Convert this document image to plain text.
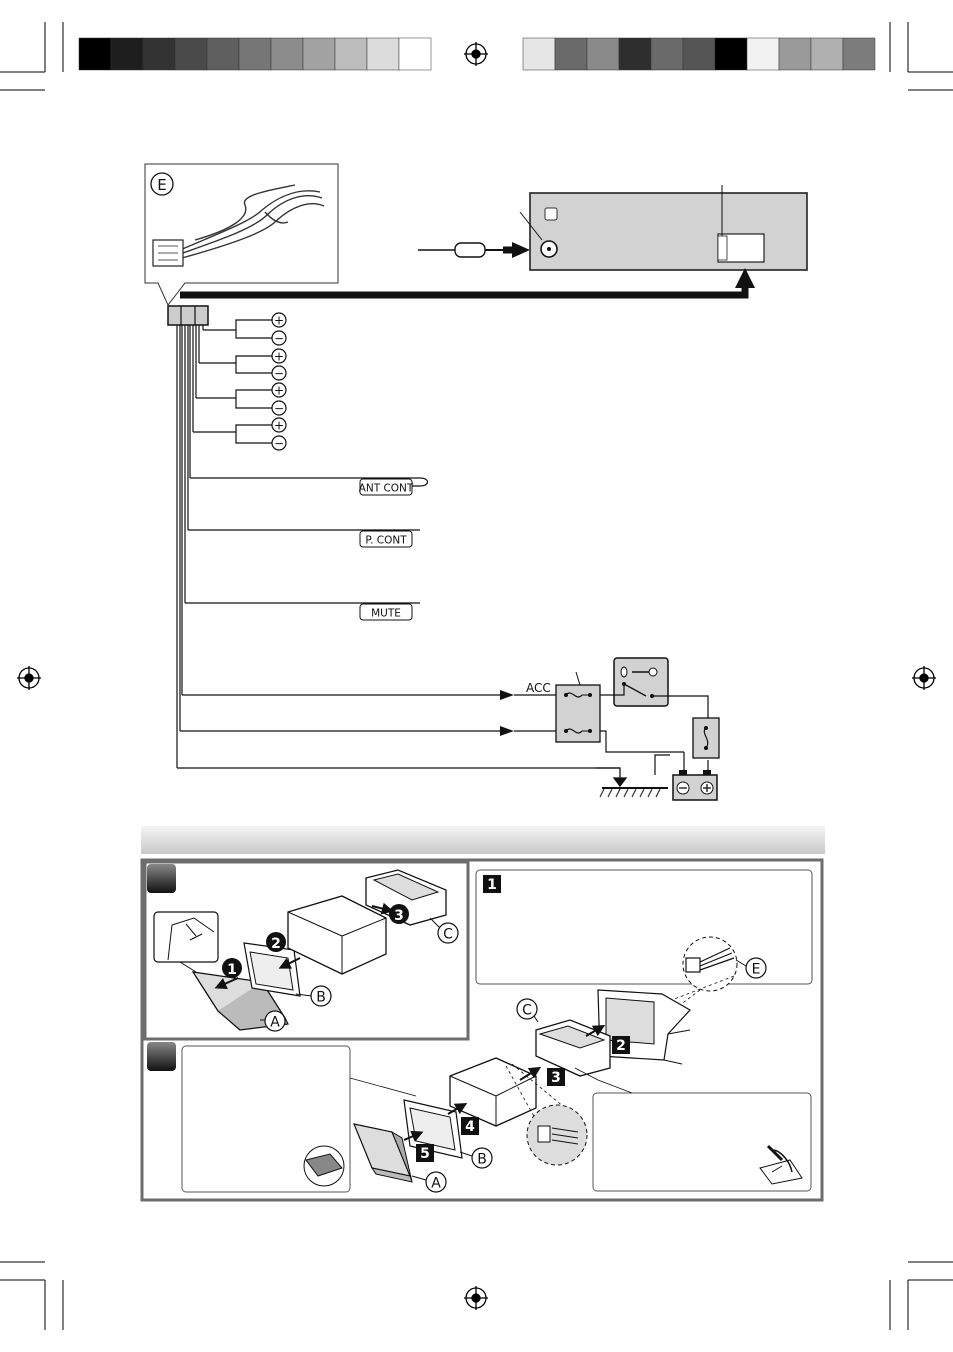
E
+
−
+
−
+
−
+
−
ANT CONT
P. CONT
MUTE
ACC
1
2
3
A
B
C
1
E
C
2
3
4
B
5
A
